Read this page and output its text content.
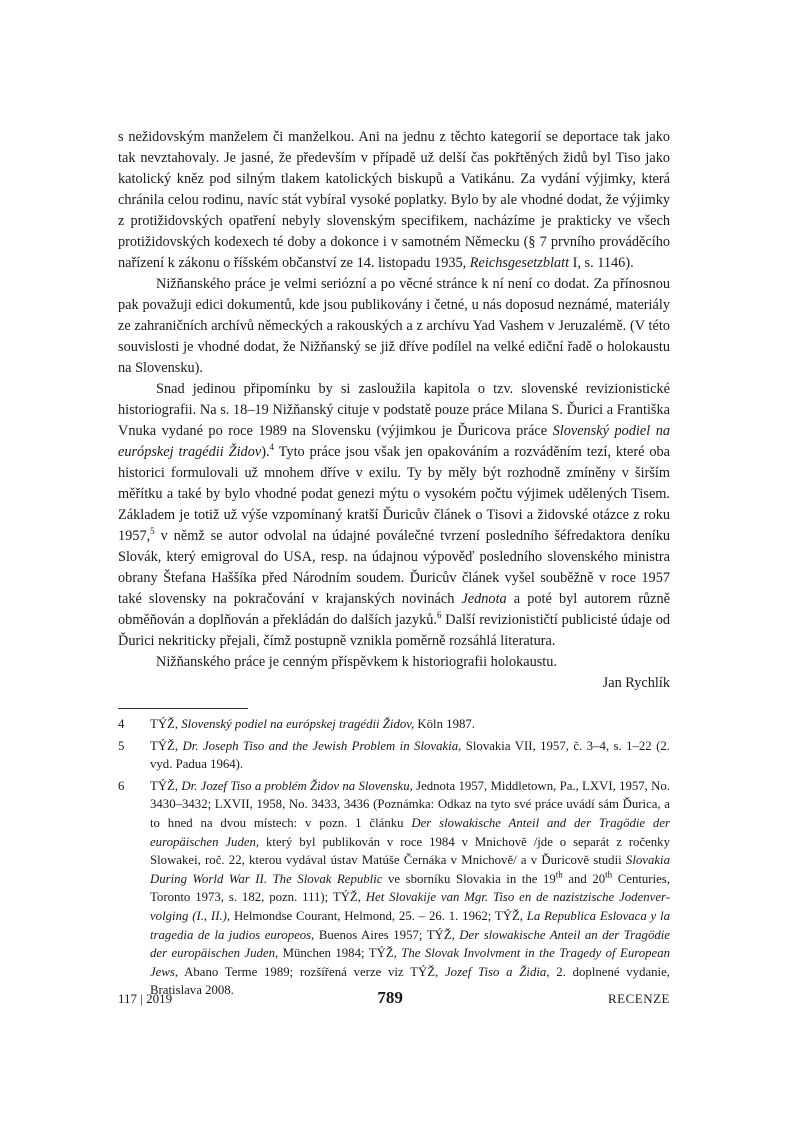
s nežidovským manželem či manželkou. Ani na jednu z těchto kategorií se deportace tak jako tak nevztahovaly. Je jasné, že především v případě už delší čas pokřtěných židů byl Tiso jako katolický kněz pod silným tlakem katolických biskupů a Vatikánu. Za vydání výjimky, která chránila celou rodinu, navíc stát vybíral vysoké poplatky. Bylo by ale vhodné dodat, že výjimky z protižidovských opatření nebyly slovenským specifikem, nacházíme je prakticky ve všech protižidovských kodexech té doby a dokonce i v samotném Německu (§ 7 prvního prováděcího nařízení k zákonu o říšském občanství ze 14. listopadu 1935, Reichsgesetzblatt I, s. 1146).

Nižňanského práce je velmi seriózní a po věcné stránce k ní není co dodat. Za přínosnou pak považuji edici dokumentů, kde jsou publikovány i četné, u nás doposud neznámé, materiály ze zahraničních archívů německých a rakouských a z archívu Yad Vashem v Jeruzalémě. (V této souvislosti je vhodné dodat, že Nižňanský se již dříve podílel na velké ediční řadě o holokaustu na Slovensku).

Snad jedinou připomínku by si zasloužila kapitola o tzv. slovenské revizionistické historiografii. Na s. 18–19 Nižňanský cituje v podstatě pouze práce Milana S. Ďurici a Františka Vnuka vydané po roce 1989 na Slovensku (výjimkou je Ďuricova práce Slovenský podiel na európskej tragédii Židov).$^4$ Tyto práce jsou však jen opakováním a rozváděním tezí, které oba historici formulovali už mnohem dříve v exilu. Ty by měly být rozhodně zmíněny v širším měřítku a také by bylo vhodné podat genezi mýtu o vysokém počtu výjimek udělených Tisem. Základem je totiž už výše vzpomínaný kratší Ďuricův článek o Tisovi a židovské otázce z roku 1957,$^5$ v němž se autor odvolal na údajné poválečné tvrzení posledního šéfredaktora deníku Slovák, který emigroval do USA, resp. na údajnou výpověď posledního slovenského ministra obrany Štefana Haššíka před Národním soudem. Ďuricův článek vyšel souběžně v roce 1957 také slovensky na pokračování v krajanských novinách Jednota a poté byl autorem různě obměňován a doplňován a překládán do dalších jazyků.$^6$ Další revizionističtí publicisté údaje od Ďurici nekriticky přejali, čímž postupně vznikla poměrně rozsáhlá literatura.

Nižňanského práce je cenným příspěvkem k historiografii holokaustu.

Jan Rychlík

4	TÝŽ, Slovenský podiel na európskej tragédii Židov, Köln 1987.
5	TÝŽ, Dr. Joseph Tiso and the Jewish Problem in Slovakia, Slovakia VII, 1957, č. 3–4, s. 1–22 (2. vyd. Padua 1964).
6	TÝŽ, Dr. Jozef Tiso a problém Židov na Slovensku, Jednota 1957, Middletown, Pa., LXVI, 1957, No. 3430–3432; LXVII, 1958, No. 3433, 3436 (Poznámka: Odkaz na tyto své práce uvádí sám Ďurica, a to hned na dvou místech: v pozn. 1 článku Der slowakische Anteil and der Tragödie der europäischen Juden, který byl publikován v roce 1984 v Mnichově /jde o separát z ročenky Slowakei, roč. 22, kterou vydával ústav Matúše Černáka v Mnichově/ a v Ďuricově studii Slovakia During World War II. The Slovak Republic ve sborníku Slovakia in the 19th and 20th Centuries, Toronto 1973, s. 182, pozn. 111); TÝŽ, Het Slovakije van Mgr. Tiso en de nazistzische Jodenver-volging (I., II.), Helmondse Courant, Helmond, 25. – 26. 1. 1962; TÝŽ, La Republica Eslovaca y la tragedia de la judios europeos, Buenos Aires 1957; TÝŽ, Der slowakische Anteil an der Tragödie der europäischen Juden, München 1984; TÝŽ, The Slovak Involvment in the Tragedy of European Jews, Abano Terme 1989; rozšířená verze viz TÝŽ, Jozef Tiso a Židia, 2. doplnené vydanie, Bratislava 2008.
117 | 2019	789	RECENZE
